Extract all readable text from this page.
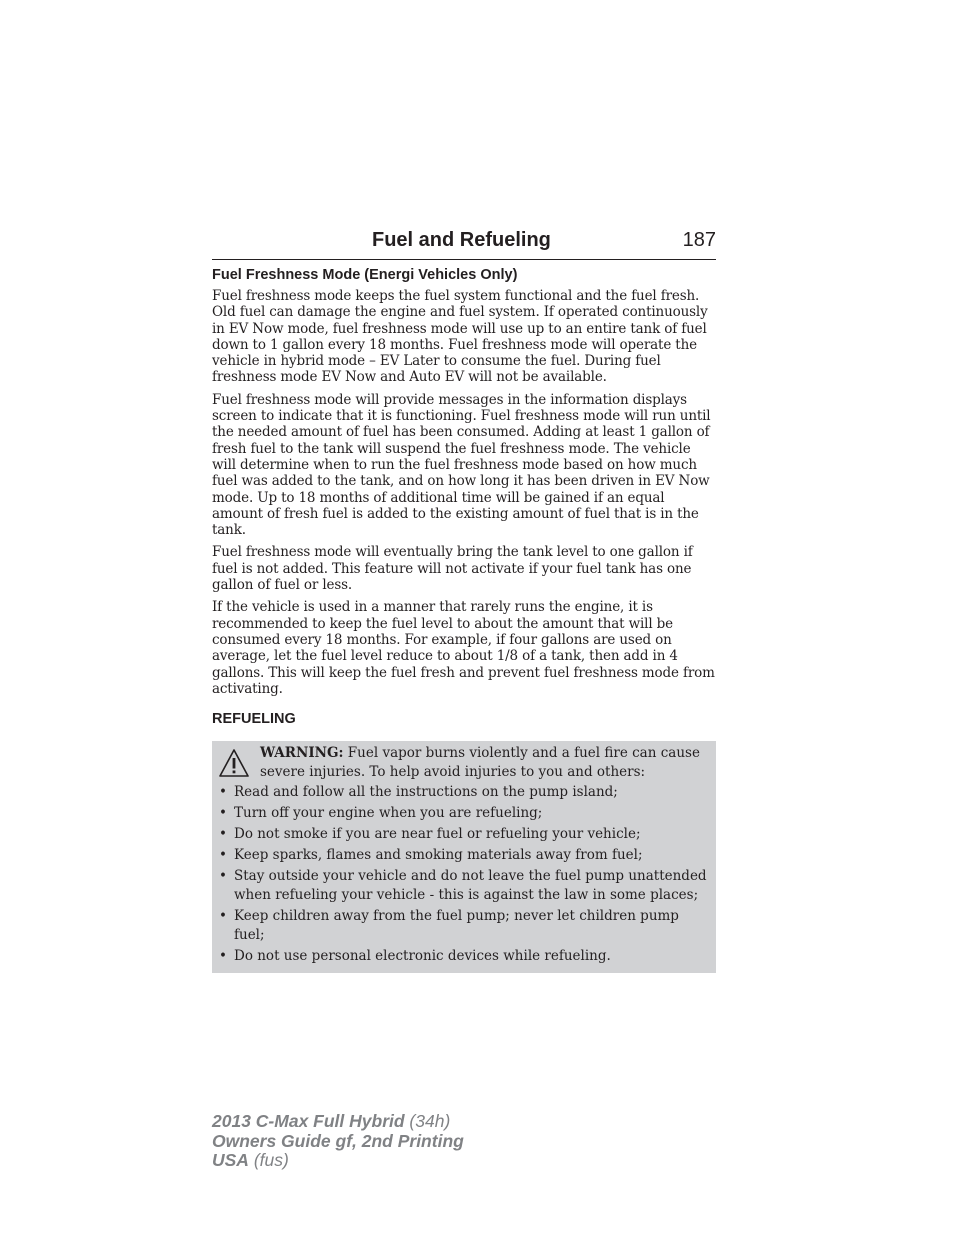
Fuel and Refueling	187
Fuel Freshness Mode (Energi Vehicles Only)

Fuel freshness mode keeps the fuel system functional and the fuel fresh. Old fuel can damage the engine and fuel system. If operated continuously in EV Now mode, fuel freshness mode will use up to an entire tank of fuel down to 1 gallon every 18 months. Fuel freshness mode will operate the vehicle in hybrid mode – EV Later to consume the fuel. During fuel freshness mode EV Now and Auto EV will not be available.

Fuel freshness mode will provide messages in the information displays screen to indicate that it is functioning. Fuel freshness mode will run until the needed amount of fuel has been consumed. Adding at least 1 gallon of fresh fuel to the tank will suspend the fuel freshness mode. The vehicle will determine when to run the fuel freshness mode based on how much fuel was added to the tank, and on how long it has been driven in EV Now mode. Up to 18 months of additional time will be gained if an equal amount of fresh fuel is added to the existing amount of fuel that is in the tank.

Fuel freshness mode will eventually bring the tank level to one gallon if fuel is not added. This feature will not activate if your fuel tank has one gallon of fuel or less.

If the vehicle is used in a manner that rarely runs the engine, it is recommended to keep the fuel level to about the amount that will be consumed every 18 months. For example, if four gallons are used on average, let the fuel level reduce to about 1/8 of a tank, then add in 4 gallons. This will keep the fuel fresh and prevent fuel freshness mode from activating.

REFUELING
WARNING: Fuel vapor burns violently and a fuel fire can cause severe injuries. To help avoid injuries to you and others:
• Read and follow all the instructions on the pump island;
• Turn off your engine when you are refueling;
• Do not smoke if you are near fuel or refueling your vehicle;
• Keep sparks, flames and smoking materials away from fuel;
• Stay outside your vehicle and do not leave the fuel pump unattended when refueling your vehicle - this is against the law in some places;
• Keep children away from the fuel pump; never let children pump fuel;
• Do not use personal electronic devices while refueling.
2013 C-Max Full Hybrid (34h)
Owners Guide gf, 2nd Printing
USA (fus)
